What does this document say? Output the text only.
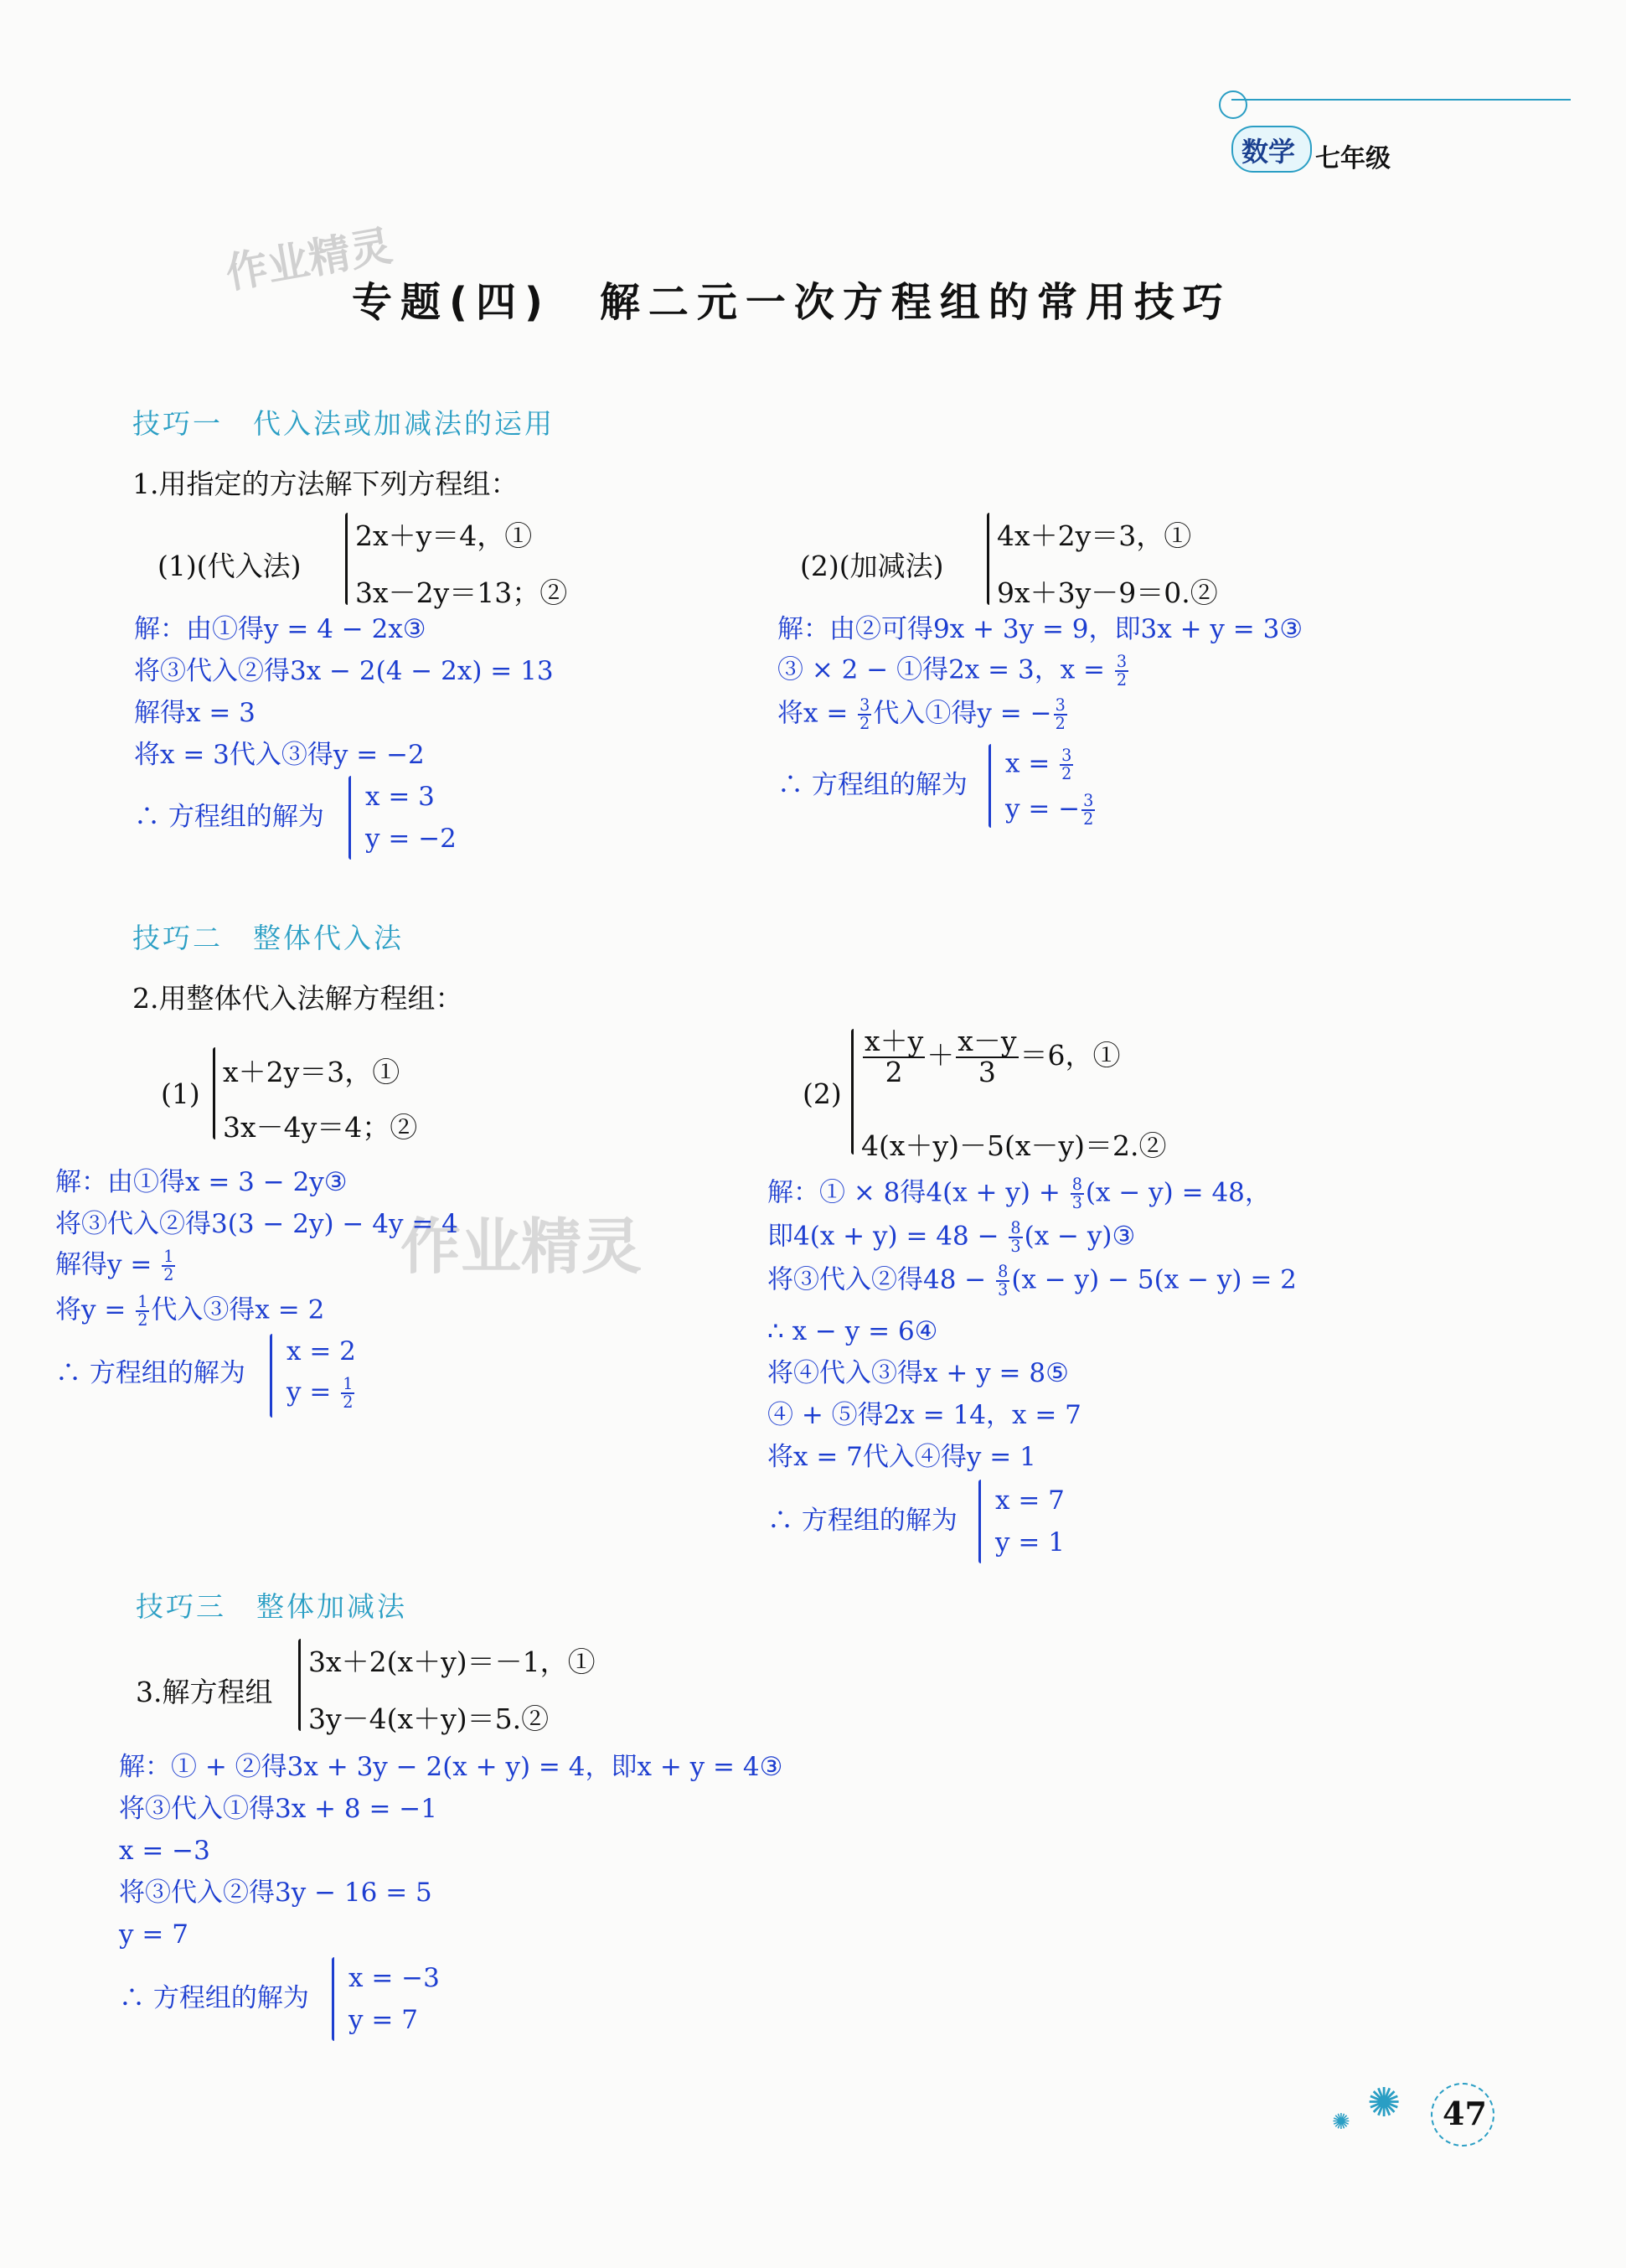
数学 七年级
作业精灵
作业精灵
专题(四)　解二元一次方程组的常用技巧
技巧一　代入法或加减法的运用
1.用指定的方法解下列方程组：
(1)(代入法)
2x＋y＝4，①
3x－2y＝13；②
(2)(加减法)
4x＋2y＝3，①
9x＋3y－9＝0.②
解：由①得y = 4 − 2x③
将③代入②得3x − 2(4 − 2x) = 13
解得x = 3
将x = 3代入③得y = −2
∴ 方程组的解为
x = 3
y = −2
解：由②可得9x + 3y = 9，即3x + y = 3③
③ × 2 − ①得2x = 3，$x = \frac{3}{2}$
将$x = \frac{3}{2}$ 代入①得y = − $\frac{3}{2}$
∴ 方程组的解为
$x = \frac{3}{2}$
y = − $\frac{3}{2}$
技巧二　整体代入法
2.用整体代入法解方程组：
(1)
x＋2y＝3，①
3x－4y＝4；②
(2)
$\frac{x+y}{2} + \frac{x-y}{3} =6$，①
4(x＋y)－5(x－y)＝2.②
解：由①得x = 3 − 2y③
将③代入②得3(3 − 2y) − 4y = 4
解得$y = \frac{1}{2}$
将$y = \frac{1}{2}$ 代入③得x = 2
∴ 方程组的解为
x = 2
$y = \frac{1}{2}$
解：① × 8得$4(x + y) + \frac{8}{3} (x - y) = 48$，
即$4(x + y) = 48 - \frac{8}{3} (x$ − y)③
将③代入②得$48 - \frac{8}{3} (x - y) - 5(x - y) = 2$
∴ x − y = 6④
将④代入③得x + y = 8⑤
④ + ⑤得2x = 14，x = 7
将x = 7代入④得y = 1
∴ 方程组的解为
x = 7
y = 1
技巧三　整体加减法
3.解方程组
3x＋2(x＋y)＝－1，①
3y－4(x＋y)＝5.②
解：① + ②得3x + 3y − 2(x + y) = 4，即x + y = 4③
将③代入①得3x + 8 = −1
x = −3
将③代入②得3y − 16 = 5
y = 7
∴ 方程组的解为
x = −3
y = 7
✺
✺	47
